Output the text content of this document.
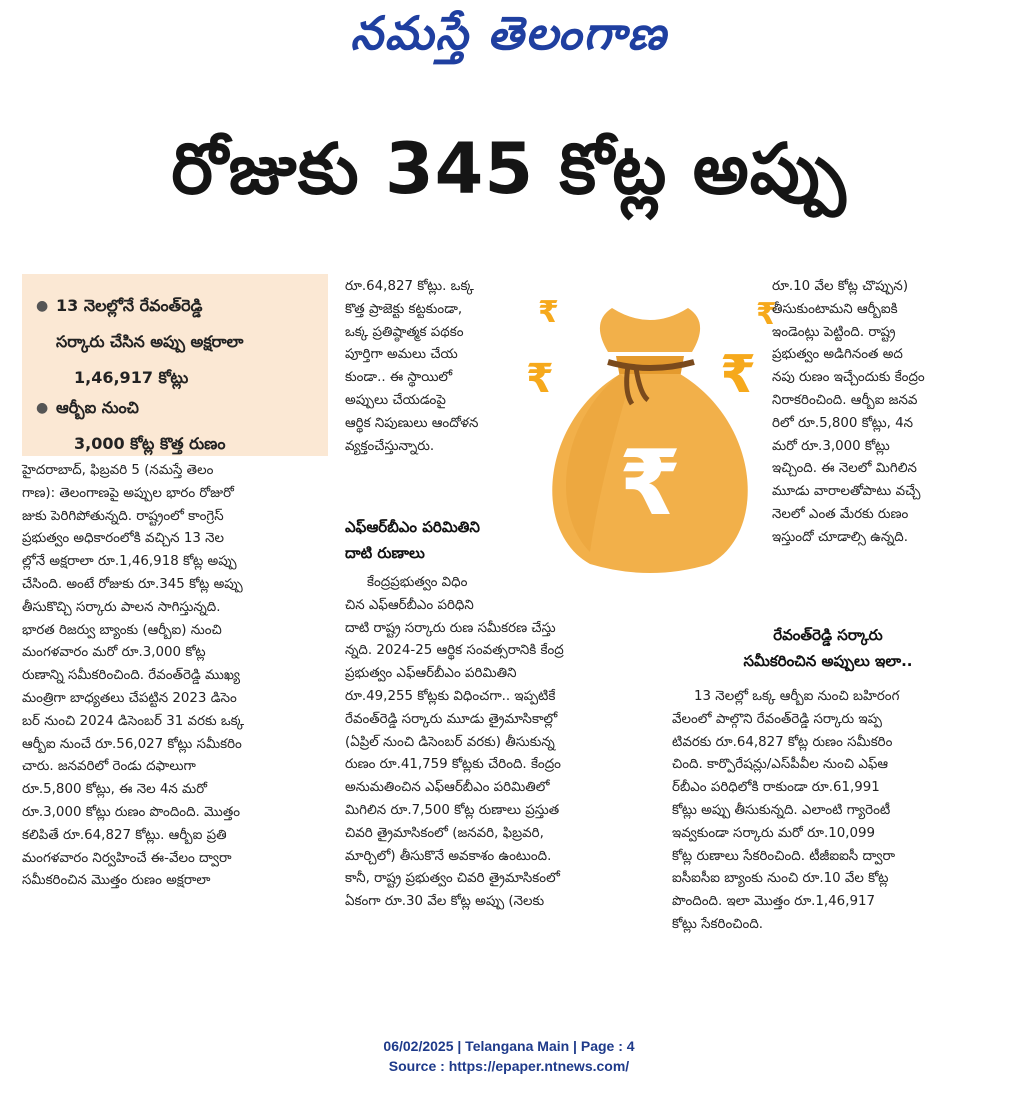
నమస్తే తెలంగాణ
రోజుకు 345 కోట్ల అప్పు
● 13 నెలల్లోనే రేవంత్‌రెడ్డి
సర్కారు చేసిన అప్పు అక్షరాలా
1,46,917 కోట్లు
● ఆర్బీఐ నుంచి
3,000 కోట్ల కొత్త రుణం

హైదరాబాద్, ఫిబ్రవరి 5 (నమస్తే తెలం

గాణ): తెలంగాణపై అప్పుల భారం రోజురో

జుకు పెరిగిపోతున్నది. రాష్ట్రంలో కాంగ్రెస్

ప్రభుత్వం అధికారంలోకి వచ్చిన 13 నెల

ల్లోనే అక్షరాలా రూ.1,46,918 కోట్ల అప్పు

చేసింది. అంటే రోజుకు రూ.345 కోట్ల అప్పు

తీసుకొచ్చి సర్కారు పాలన సాగిస్తున్నది.

భారత రిజర్వు బ్యాంకు (ఆర్బీఐ) నుంచి

మంగళవారం మరో రూ.3,000 కోట్ల

రుణాన్ని సమీకరించింది. రేవంత్‌రెడ్డి ముఖ్య

మంత్రిగా బాధ్యతలు చేపట్టిన 2023 డిసెం

బర్ నుంచి 2024 డిసెంబర్ 31 వరకు ఒక్క

ఆర్బీఐ నుంచే రూ.56,027 కోట్లు సమీకరిం

చారు. జనవరిలో రెండు దఫాలుగా

రూ.5,800 కోట్లు, ఈ నెల 4న మరో

రూ.3,000 కోట్లు రుణం పొందింది. మొత్తం

కలిపితే రూ.64,827 కోట్లు. ఆర్బీఐ ప్రతి

మంగళవారం నిర్వహించే ఈ-వేలం ద్వారా

సమీకరించిన మొత్తం రుణం అక్షరాలా

రూ.64,827 కోట్లు. ఒక్క

కొత్త ప్రాజెక్టు కట్టకుండా,

ఒక్క ప్రతిష్ఠాత్మక పథకం

పూర్తిగా అమలు చేయ

కుండా.. ఈ స్థాయిలో

అప్పులు చేయడంపై

ఆర్థిక నిపుణులు ఆందోళన

వ్యక్తంచేస్తున్నారు.

ఎఫ్ఆర్‌బీఎం పరిమితిని
దాటి రుణాలు

కేంద్రప్రభుత్వం విధిం

చిన ఎఫ్ఆర్‌బీఎం పరిధిని

దాటి రాష్ట్ర సర్కారు రుణ సమీకరణ చేస్తు

న్నది. 2024-25 ఆర్థిక సంవత్సరానికి కేంద్ర

ప్రభుత్వం ఎఫ్ఆర్‌బీఎం పరిమితిని

రూ.49,255 కోట్లకు విధించగా.. ఇప్పటికే

రేవంత్‌రెడ్డి సర్కారు మూడు త్రైమాసికాల్లో

(ఏప్రిల్ నుంచి డిసెంబర్ వరకు) తీసుకున్న

రుణం రూ.41,759 కోట్లకు చేరింది. కేంద్రం

అనుమతించిన ఎఫ్ఆర్‌బీఎం పరిమితిలో

మిగిలిన రూ.7,500 కోట్ల రుణాలు ప్రస్తుత

చివరి త్రైమాసికంలో (జనవరి, ఫిబ్రవరి,

మార్చిలో) తీసుకొనే అవకాశం ఉంటుంది.

కానీ, రాష్ట్ర ప్రభుత్వం చివరి త్రైమాసికంలో

ఏకంగా రూ.30 వేల కోట్ల అప్పు (నెలకు

₹
₹
₹
₹
₹

రూ.10 వేల కోట్ల చొప్పున)

తీసుకుంటామని ఆర్బీఐకి

ఇండెంట్లు పెట్టింది. రాష్ట్ర

ప్రభుత్వం అడిగినంత అద

నపు రుణం ఇచ్చేందుకు కేంద్రం

నిరాకరించింది. ఆర్బీఐ జనవ

రిలో రూ.5,800 కోట్లు, 4న

మరో రూ.3,000 కోట్లు

ఇచ్చింది. ఈ నెలలో మిగిలిన

మూడు వారాలతోపాటు వచ్చే

నెలలో ఎంత మేరకు రుణం

ఇస్తుందో చూడాల్సి ఉన్నది.

రేవంత్‌రెడ్డి సర్కారు
సమీకరించిన అప్పులు ఇలా..

13 నెలల్లో ఒక్క ఆర్బీఐ నుంచి బహిరంగ

వేలంలో పాల్గొని రేవంత్‌రెడ్డి సర్కారు ఇప్ప

టివరకు రూ.64,827 కోట్ల రుణం సమీకరిం

చింది. కార్పొరేషన్లు/ఎస్‌పీవీల నుంచి ఎఫ్ఆ

ర్‌బీఎం పరిధిలోకి రాకుండా రూ.61,991

కోట్లు అప్పు తీసుకున్నది. ఎలాంటి గ్యారెంటీ

ఇవ్వకుండా సర్కారు మరో రూ.10,099

కోట్ల రుణాలు సేకరించింది. టీజీఐఐసీ ద్వారా

ఐసీఐసీఐ బ్యాంకు నుంచి రూ.10 వేల కోట్ల

పొందింది. ఇలా మొత్తం రూ.1,46,917

కోట్లు సేకరించింది.

06/02/2025 | Telangana Main | Page : 4
Source : https://epaper.ntnews.com/
